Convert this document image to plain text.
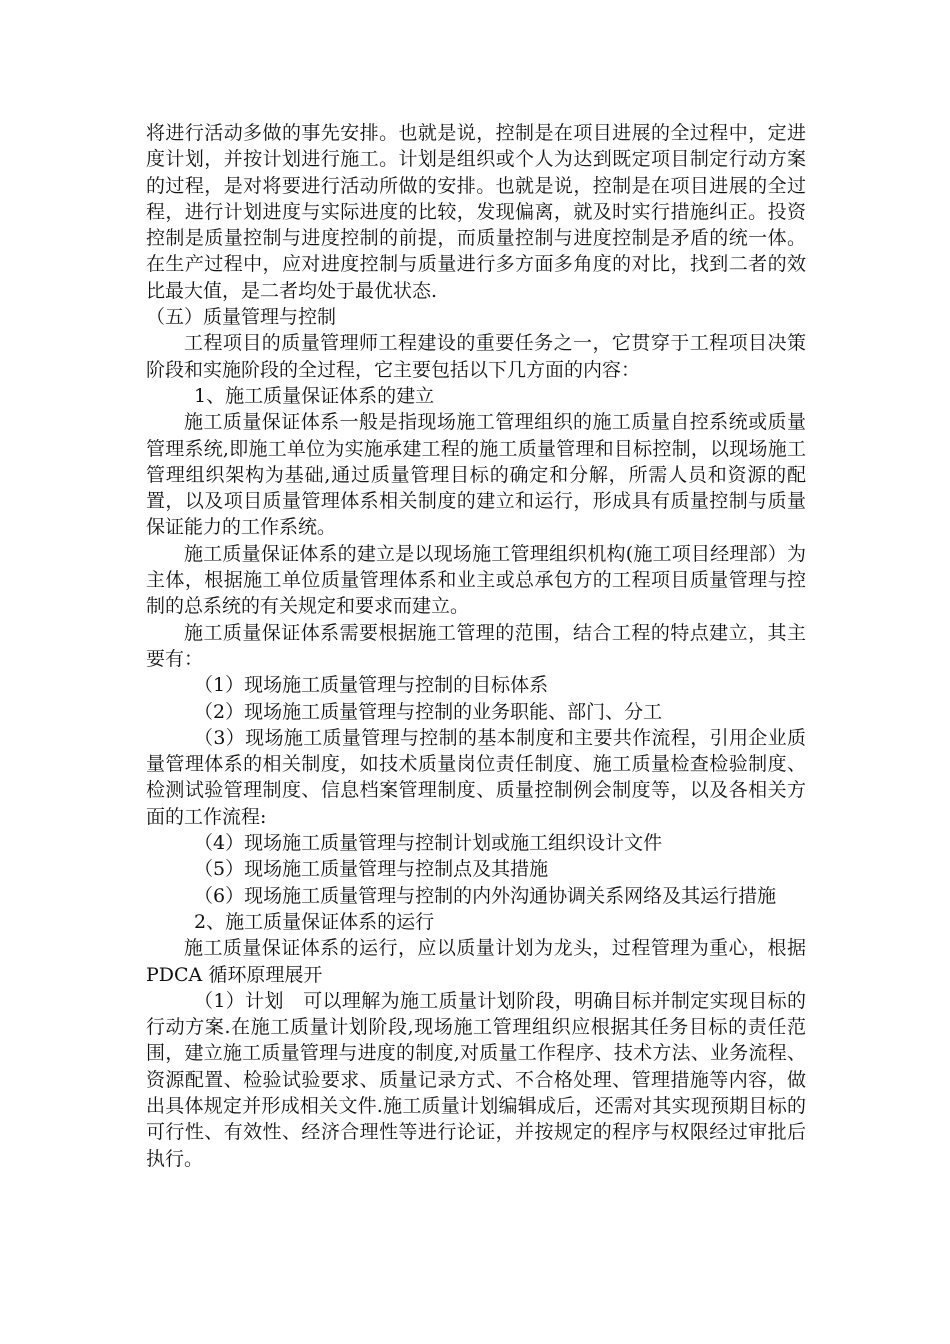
将进行活动多做的事先安排。也就是说，控制是在项目进展的全过程中，定进度计划，并按计划进行施工。计划是组织或个人为达到既定项目制定行动方案的过程，是对将要进行活动所做的安排。也就是说，控制是在项目进展的全过程，进行计划进度与实际进度的比较，发现偏离，就及时实行措施纠正。投资控制是质量控制与进度控制的前提，而质量控制与进度控制是矛盾的统一体。在生产过程中，应对进度控制与质量进行多方面多角度的对比，找到二者的效比最大值，是二者均处于最优状态.

（五）质量管理与控制

工程项目的质量管理师工程建设的重要任务之一，它贯穿于工程项目决策阶段和实施阶段的全过程，它主要包括以下几方面的内容：

1、施工质量保证体系的建立

施工质量保证体系一般是指现场施工管理组织的施工质量自控系统或质量管理系统,即施工单位为实施承建工程的施工质量管理和目标控制，以现场施工管理组织架构为基础,通过质量管理目标的确定和分解，所需人员和资源的配置，以及项目质量管理体系相关制度的建立和运行，形成具有质量控制与质量保证能力的工作系统。

施工质量保证体系的建立是以现场施工管理组织机构(施工项目经理部）为主体，根据施工单位质量管理体系和业主或总承包方的工程项目质量管理与控制的总系统的有关规定和要求而建立。

施工质量保证体系需要根据施工管理的范围，结合工程的特点建立，其主要有：

（1）现场施工质量管理与控制的目标体系

（2）现场施工质量管理与控制的业务职能、部门、分工

（3）现场施工质量管理与控制的基本制度和主要共作流程，引用企业质量管理体系的相关制度，如技术质量岗位责任制度、施工质量检查检验制度、检测试验管理制度、信息档案管理制度、质量控制例会制度等，以及各相关方面的工作流程:

（4）现场施工质量管理与控制计划或施工组织设计文件

（5）现场施工质量管理与控制点及其措施

（6）现场施工质量管理与控制的内外沟通协调关系网络及其运行措施

2、施工质量保证体系的运行

施工质量保证体系的运行，应以质量计划为龙头，过程管理为重心，根据 PDCA 循环原理展开

（1）计划　可以理解为施工质量计划阶段，明确目标并制定实现目标的行动方案.在施工质量计划阶段,现场施工管理组织应根据其任务目标的责任范围，建立施工质量管理与进度的制度,对质量工作程序、技术方法、业务流程、资源配置、检验试验要求、质量记录方式、不合格处理、管理措施等内容，做出具体规定并形成相关文件.施工质量计划编辑成后，还需对其实现预期目标的可行性、有效性、经济合理性等进行论证，并按规定的程序与权限经过审批后执行。
